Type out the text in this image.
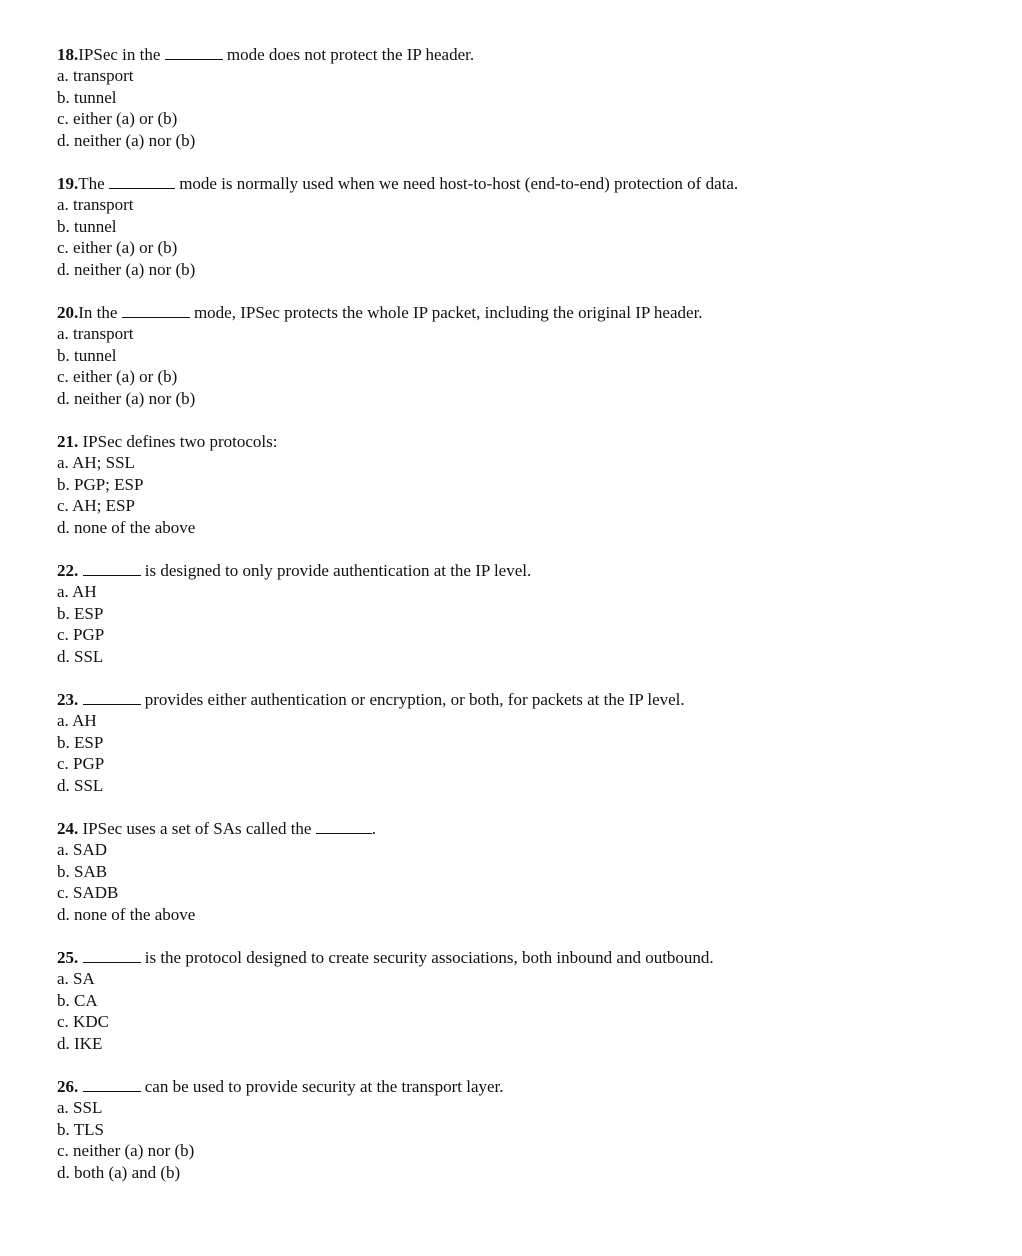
18.IPSec in the	mode does not protect the IP header.
a. transport
b. tunnel
c. either (a) or (b)
d. neither (a) nor (b)
19.The	mode is normally used when we need host-to-host (end-to-end) protection of data.
a. transport
b. tunnel
c. either (a) or (b)
d. neither (a) nor (b)
20.In the	mode, IPSec protects the whole IP packet, including the original IP header.
a. transport
b. tunnel
c. either (a) or (b)
d. neither (a) nor (b)
21. IPSec defines two protocols:
a. AH; SSL
b. PGP; ESP
c. AH; ESP
d. none of the above
22.	is designed to only provide authentication at the IP level.
a. AH
b. ESP
c. PGP
d. SSL
23.	provides either authentication or encryption, or both, for packets at the IP level.
a. AH
b. ESP
c. PGP
d. SSL
24. IPSec uses a set of SAs called the	.
a. SAD
b. SAB
c. SADB
d. none of the above
25.	is the protocol designed to create security associations, both inbound and outbound.
a. SA
b. CA
c. KDC
d. IKE
26.	can be used to provide security at the transport layer.
a. SSL
b. TLS
c. neither (a) nor (b)
d. both (a) and (b)
